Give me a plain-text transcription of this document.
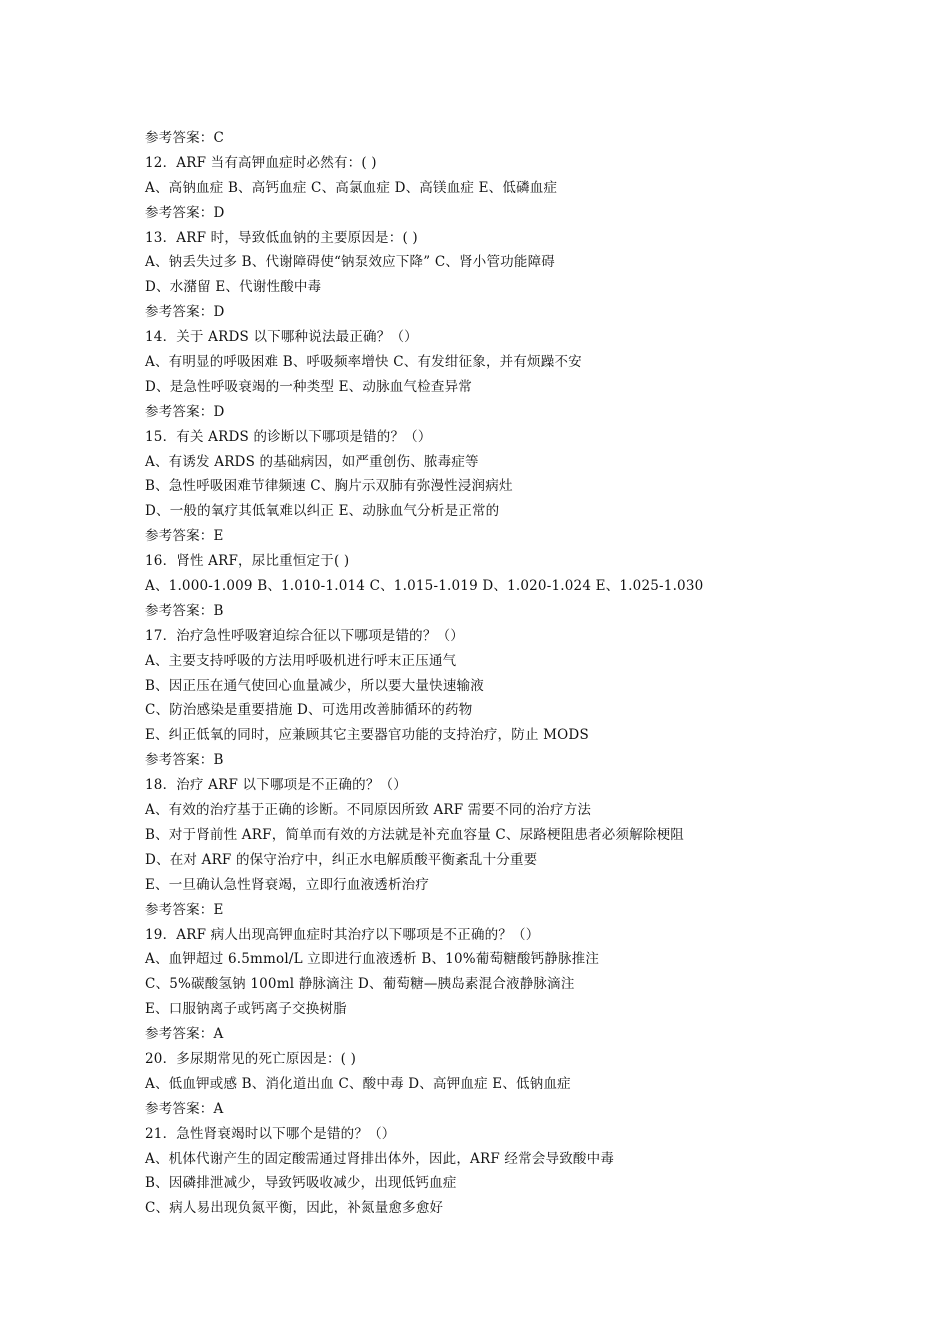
参考答案：C
12．ARF 当有高钾血症时必然有：( )
A、高钠血症 B、高钙血症 C、高氯血症 D、高镁血症 E、低磷血症
参考答案：D
13．ARF 时，导致低血钠的主要原因是：( )
A、钠丢失过多 B、代谢障碍使“钠泵效应下降” C、肾小管功能障碍
D、水潴留 E、代谢性酸中毒
参考答案：D
14．关于 ARDS 以下哪种说法最正确？（）
A、有明显的呼吸困难 B、呼吸频率增快 C、有发绀征象，并有烦躁不安
D、是急性呼吸衰竭的一种类型 E、动脉血气检查异常
参考答案：D
15．有关 ARDS 的诊断以下哪项是错的？（）
A、有诱发 ARDS 的基础病因，如严重创伤、脓毒症等
B、急性呼吸困难节律频速 C、胸片示双肺有弥漫性浸润病灶
D、一般的氧疗其低氧难以纠正 E、动脉血气分析是正常的
参考答案：E
16．肾性 ARF，尿比重恒定于( )
A、1.000-1.009 B、1.010-1.014 C、1.015-1.019 D、1.020-1.024 E、1.025-1.030
参考答案：B
17．治疗急性呼吸窘迫综合征以下哪项是错的？（）
A、主要支持呼吸的方法用呼吸机进行呼末正压通气
B、因正压在通气使回心血量减少，所以要大量快速输液
C、防治感染是重要措施 D、可选用改善肺循环的药物
E、纠正低氧的同时，应兼顾其它主要器官功能的支持治疗，防止 MODS
参考答案：B
18．治疗 ARF 以下哪项是不正确的？（）
A、有效的治疗基于正确的诊断。不同原因所致 ARF 需要不同的治疗方法
B、对于肾前性 ARF，简单而有效的方法就是补充血容量 C、尿路梗阻患者必须解除梗阻
D、在对 ARF 的保守治疗中，纠正水电解质酸平衡紊乱十分重要
E、一旦确认急性肾衰竭，立即行血液透析治疗
参考答案：E
19．ARF 病人出现高钾血症时其治疗以下哪项是不正确的？（）
A、血钾超过 6.5mmol/L 立即进行血液透析 B、10%葡萄糖酸钙静脉推注
C、5%碳酸氢钠 100ml 静脉滴注 D、葡萄糖—胰岛素混合液静脉滴注
E、口服钠离子或钙离子交换树脂
参考答案：A
20．多尿期常见的死亡原因是：( )
A、低血钾或感 B、消化道出血 C、酸中毒 D、高钾血症 E、低钠血症
参考答案：A
21．急性肾衰竭时以下哪个是错的？（）
A、机体代谢产生的固定酸需通过肾排出体外，因此，ARF 经常会导致酸中毒
B、因磷排泄减少，导致钙吸收减少，出现低钙血症
C、病人易出现负氮平衡，因此，补氮量愈多愈好
